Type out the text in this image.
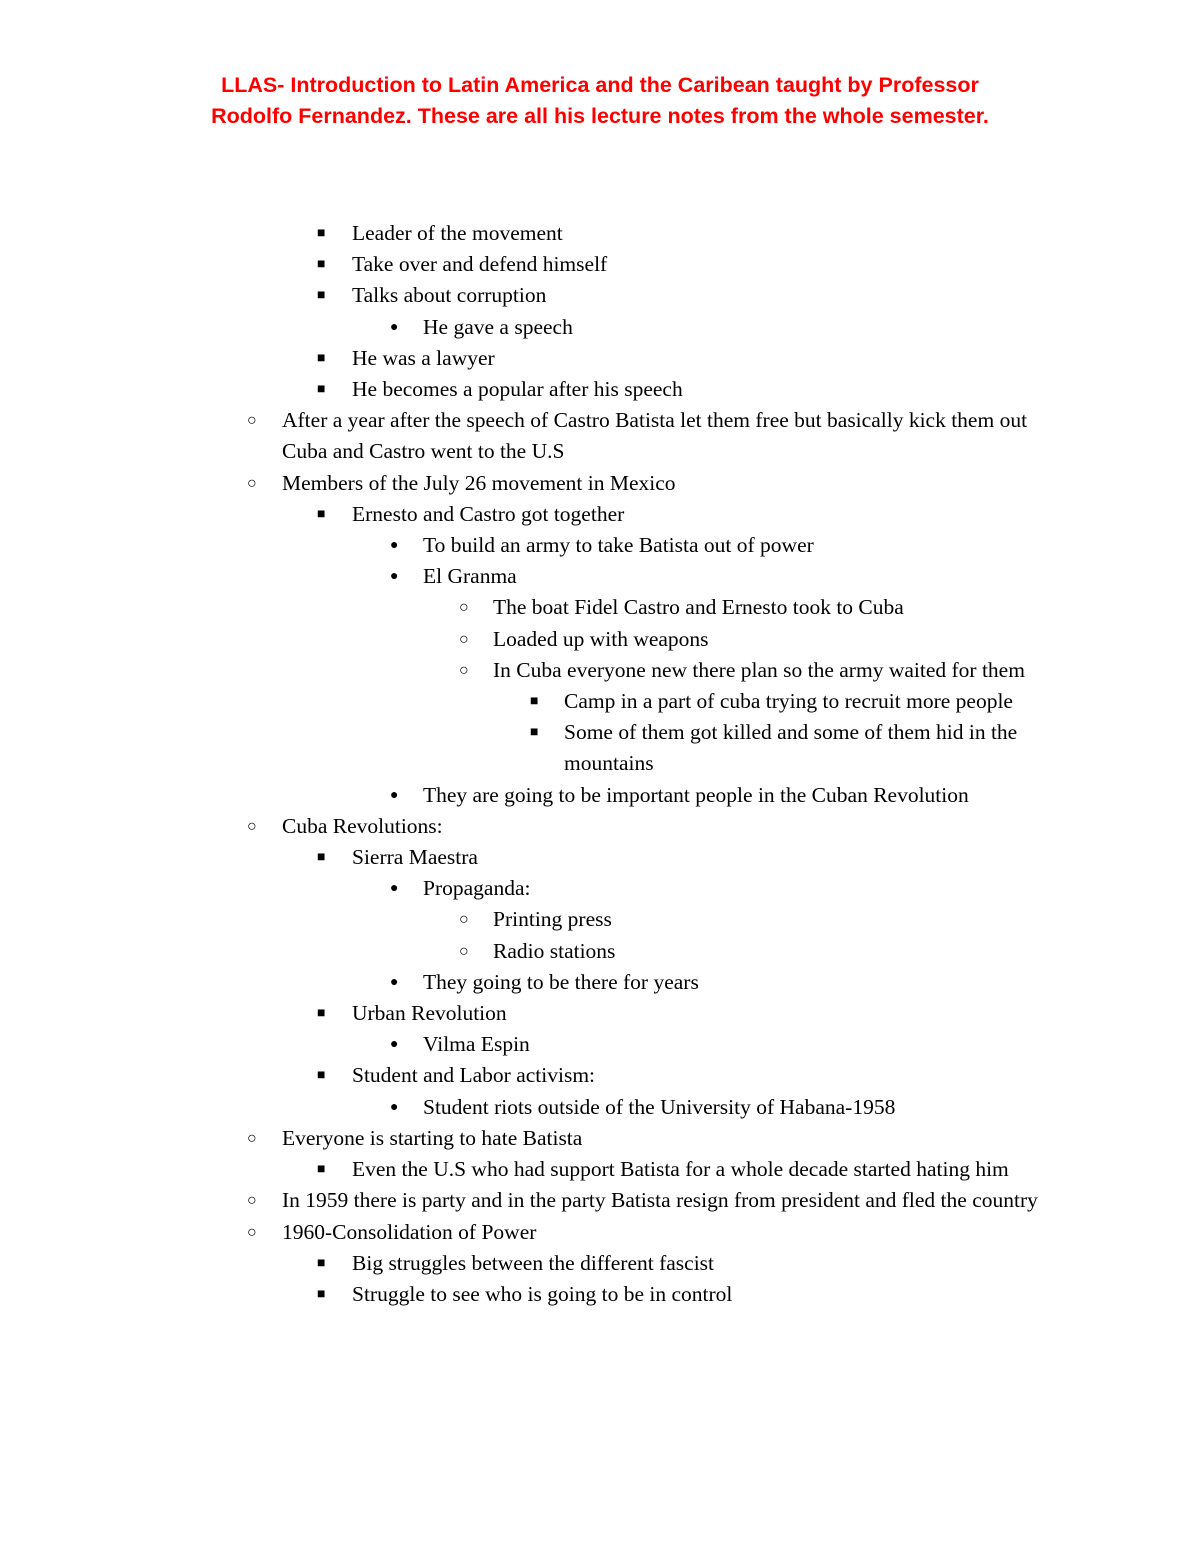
LLAS- Introduction to Latin America and the Caribean taught by Professor
Rodolfo Fernandez. These are all his lecture notes from the whole semester.
■	Leader of the movement
■	Take over and defend himself
■	Talks about corruption
●	He gave a speech
■	He was a lawyer
■	He becomes a popular after his speech
○	After a year after the speech of Castro Batista let them free but basically kick them out Cuba and Castro went to the U.S
○	Members of the July 26 movement in Mexico
■	Ernesto and Castro got together
●	To build an army to take Batista out of power
●	El Granma
○	The boat Fidel Castro and Ernesto took to Cuba
○	Loaded up with weapons
○	In Cuba everyone new there plan so the army waited for them
■	Camp in a part of cuba trying to recruit more people
■	Some of them got killed and some of them hid in the mountains
●	They are going to be important people in the Cuban Revolution
○	Cuba Revolutions:
■	Sierra Maestra
●	Propaganda:
○	Printing press
○	Radio stations
●	They going to be there for years
■	Urban Revolution
●	Vilma Espin
■	Student and Labor activism:
●	Student riots outside of the University of Habana-1958
○	Everyone is starting to hate Batista
■	Even the U.S who had support Batista for a whole decade started hating him
○	In 1959 there is party and in the party Batista resign from president and fled the country
○	1960-Consolidation of Power
■	Big struggles between the different fascist
■	Struggle to see who is going to be in control
